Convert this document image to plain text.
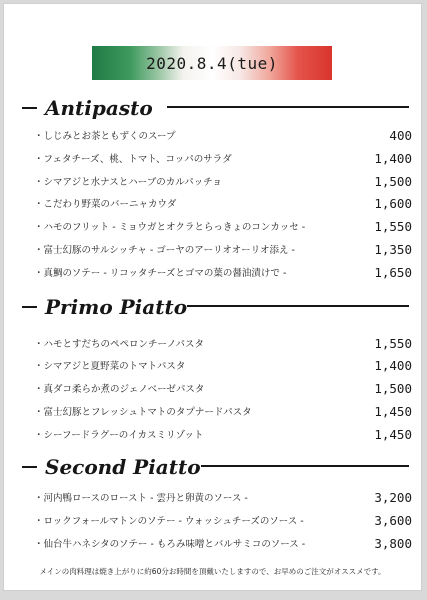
2020.8.4(tue)
Antipasto
・しじみとお茶ともずくのスープ	400
・フェタチーズ、桃、トマト、コッパのサラダ	1,400
・シマアジと水ナスとハーブのカルパッチョ	1,500
・こだわり野菜のバーニャカウダ	1,600
・ハモのフリット - ミョウガとオクラとらっきょのコンカッセ -	1,550
・富士幻豚のサルシッチャ - ゴーヤのアーリオオーリオ添え -	1,350
・真鯛のソテー - リコッタチーズとゴマの葉の醤油漬けで -	1,650
Primo Piatto
・ハモとすだちのペペロンチーノパスタ	1,550
・シマアジと夏野菜のトマトパスタ	1,400
・真ダコ柔らか煮のジェノベーゼパスタ	1,500
・富士幻豚とフレッシュトマトのタプナードパスタ	1,450
・シーフードラグーのイカスミリゾット	1,450
Second Piatto
・河内鴨ロースのロースト - 雲丹と卵黄のソース -	3,200
・ロックフォールマトンのソテー - ウォッシュチーズのソース -	3,600
・仙台牛ハネシタのソテー - もろみ味噌とバルサミコのソース -	3,800
メインの肉料理は焼き上がりに約60分お時間を頂戴いたしますので、お早めのご注文がオススメです。
